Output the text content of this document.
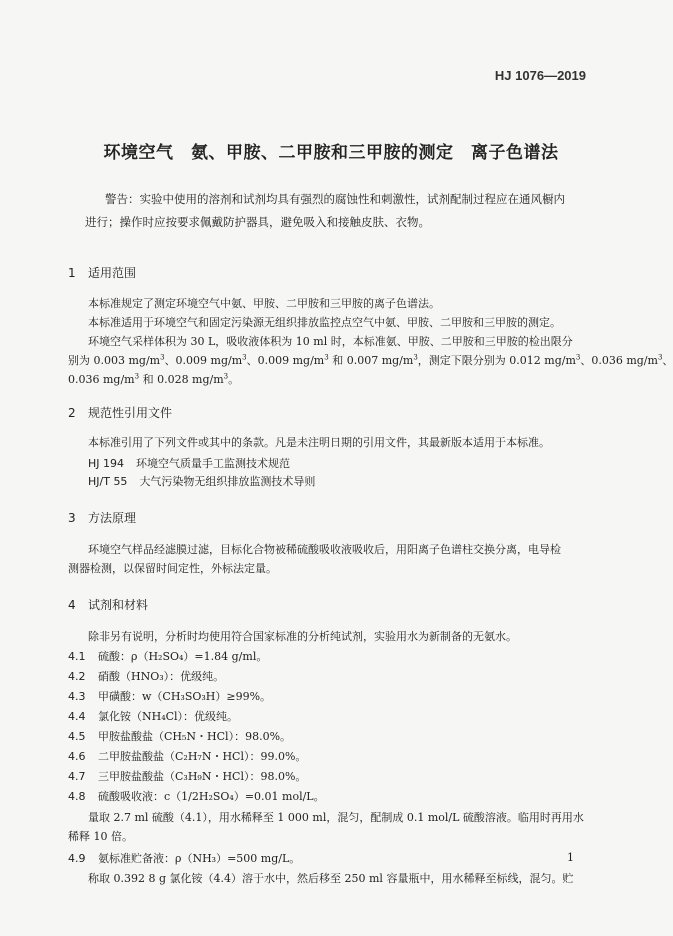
HJ 1076—2019
环境空气　氨、甲胺、二甲胺和三甲胺的测定　离子色谱法
警告：实验中使用的溶剂和试剂均具有强烈的腐蚀性和刺激性，试剂配制过程应在通风橱内
进行；操作时应按要求佩戴防护器具，避免吸入和接触皮肤、衣物。
1 适用范围
本标准规定了测定环境空气中氨、甲胺、二甲胺和三甲胺的离子色谱法。
本标准适用于环境空气和固定污染源无组织排放监控点空气中氨、甲胺、二甲胺和三甲胺的测定。
环境空气采样体积为 30 L，吸收液体积为 10 ml 时，本标准氨、甲胺、二甲胺和三甲胺的检出限分
别为 0.003 $mg/m^3$、0.009 $mg/m^3$、0.009 $mg/m^3$ 和 0.007 $mg/m^3$，测定下限分别为 0.012 $mg/m^3$、0.036 $mg/m^3$、
0.036 $mg/m^3$ 和 0.028 $mg/m^3$。
2 规范性引用文件
本标准引用了下列文件或其中的条款。凡是未注明日期的引用文件，其最新版本适用于本标准。
HJ 194 环境空气质量手工监测技术规范
HJ/T 55 大气污染物无组织排放监测技术导则
3 方法原理
环境空气样品经滤膜过滤，目标化合物被稀硫酸吸收液吸收后，用阳离子色谱柱交换分离，电导检
测器检测，以保留时间定性，外标法定量。
4 试剂和材料
除非另有说明，分析时均使用符合国家标准的分析纯试剂，实验用水为新制备的无氨水。
4.1 硫酸：ρ（H₂SO₄）=1.84 g/ml。
4.2 硝酸（HNO₃）：优级纯。
4.3 甲磺酸：w（CH₃SO₃H）≥99%。
4.4 氯化铵（NH₄Cl）：优级纯。
4.5 甲胺盐酸盐（CH₅N・HCl）：98.0%。
4.6 二甲胺盐酸盐（C₂H₇N・HCl）：99.0%。
4.7 三甲胺盐酸盐（C₃H₉N・HCl）：98.0%。
4.8 硫酸吸收液：c（1/2H₂SO₄）=0.01 mol/L。
量取 2.7 ml 硫酸（4.1），用水稀释至 1 000 ml，混匀，配制成 0.1 mol/L 硫酸溶液。临用时再用水
稀释 10 倍。
4.9 氨标准贮备液：ρ（NH₃）=500 mg/L。
称取 0.392 8 g 氯化铵（4.4）溶于水中，然后移至 250 ml 容量瓶中，用水稀释至标线，混匀。贮
1
